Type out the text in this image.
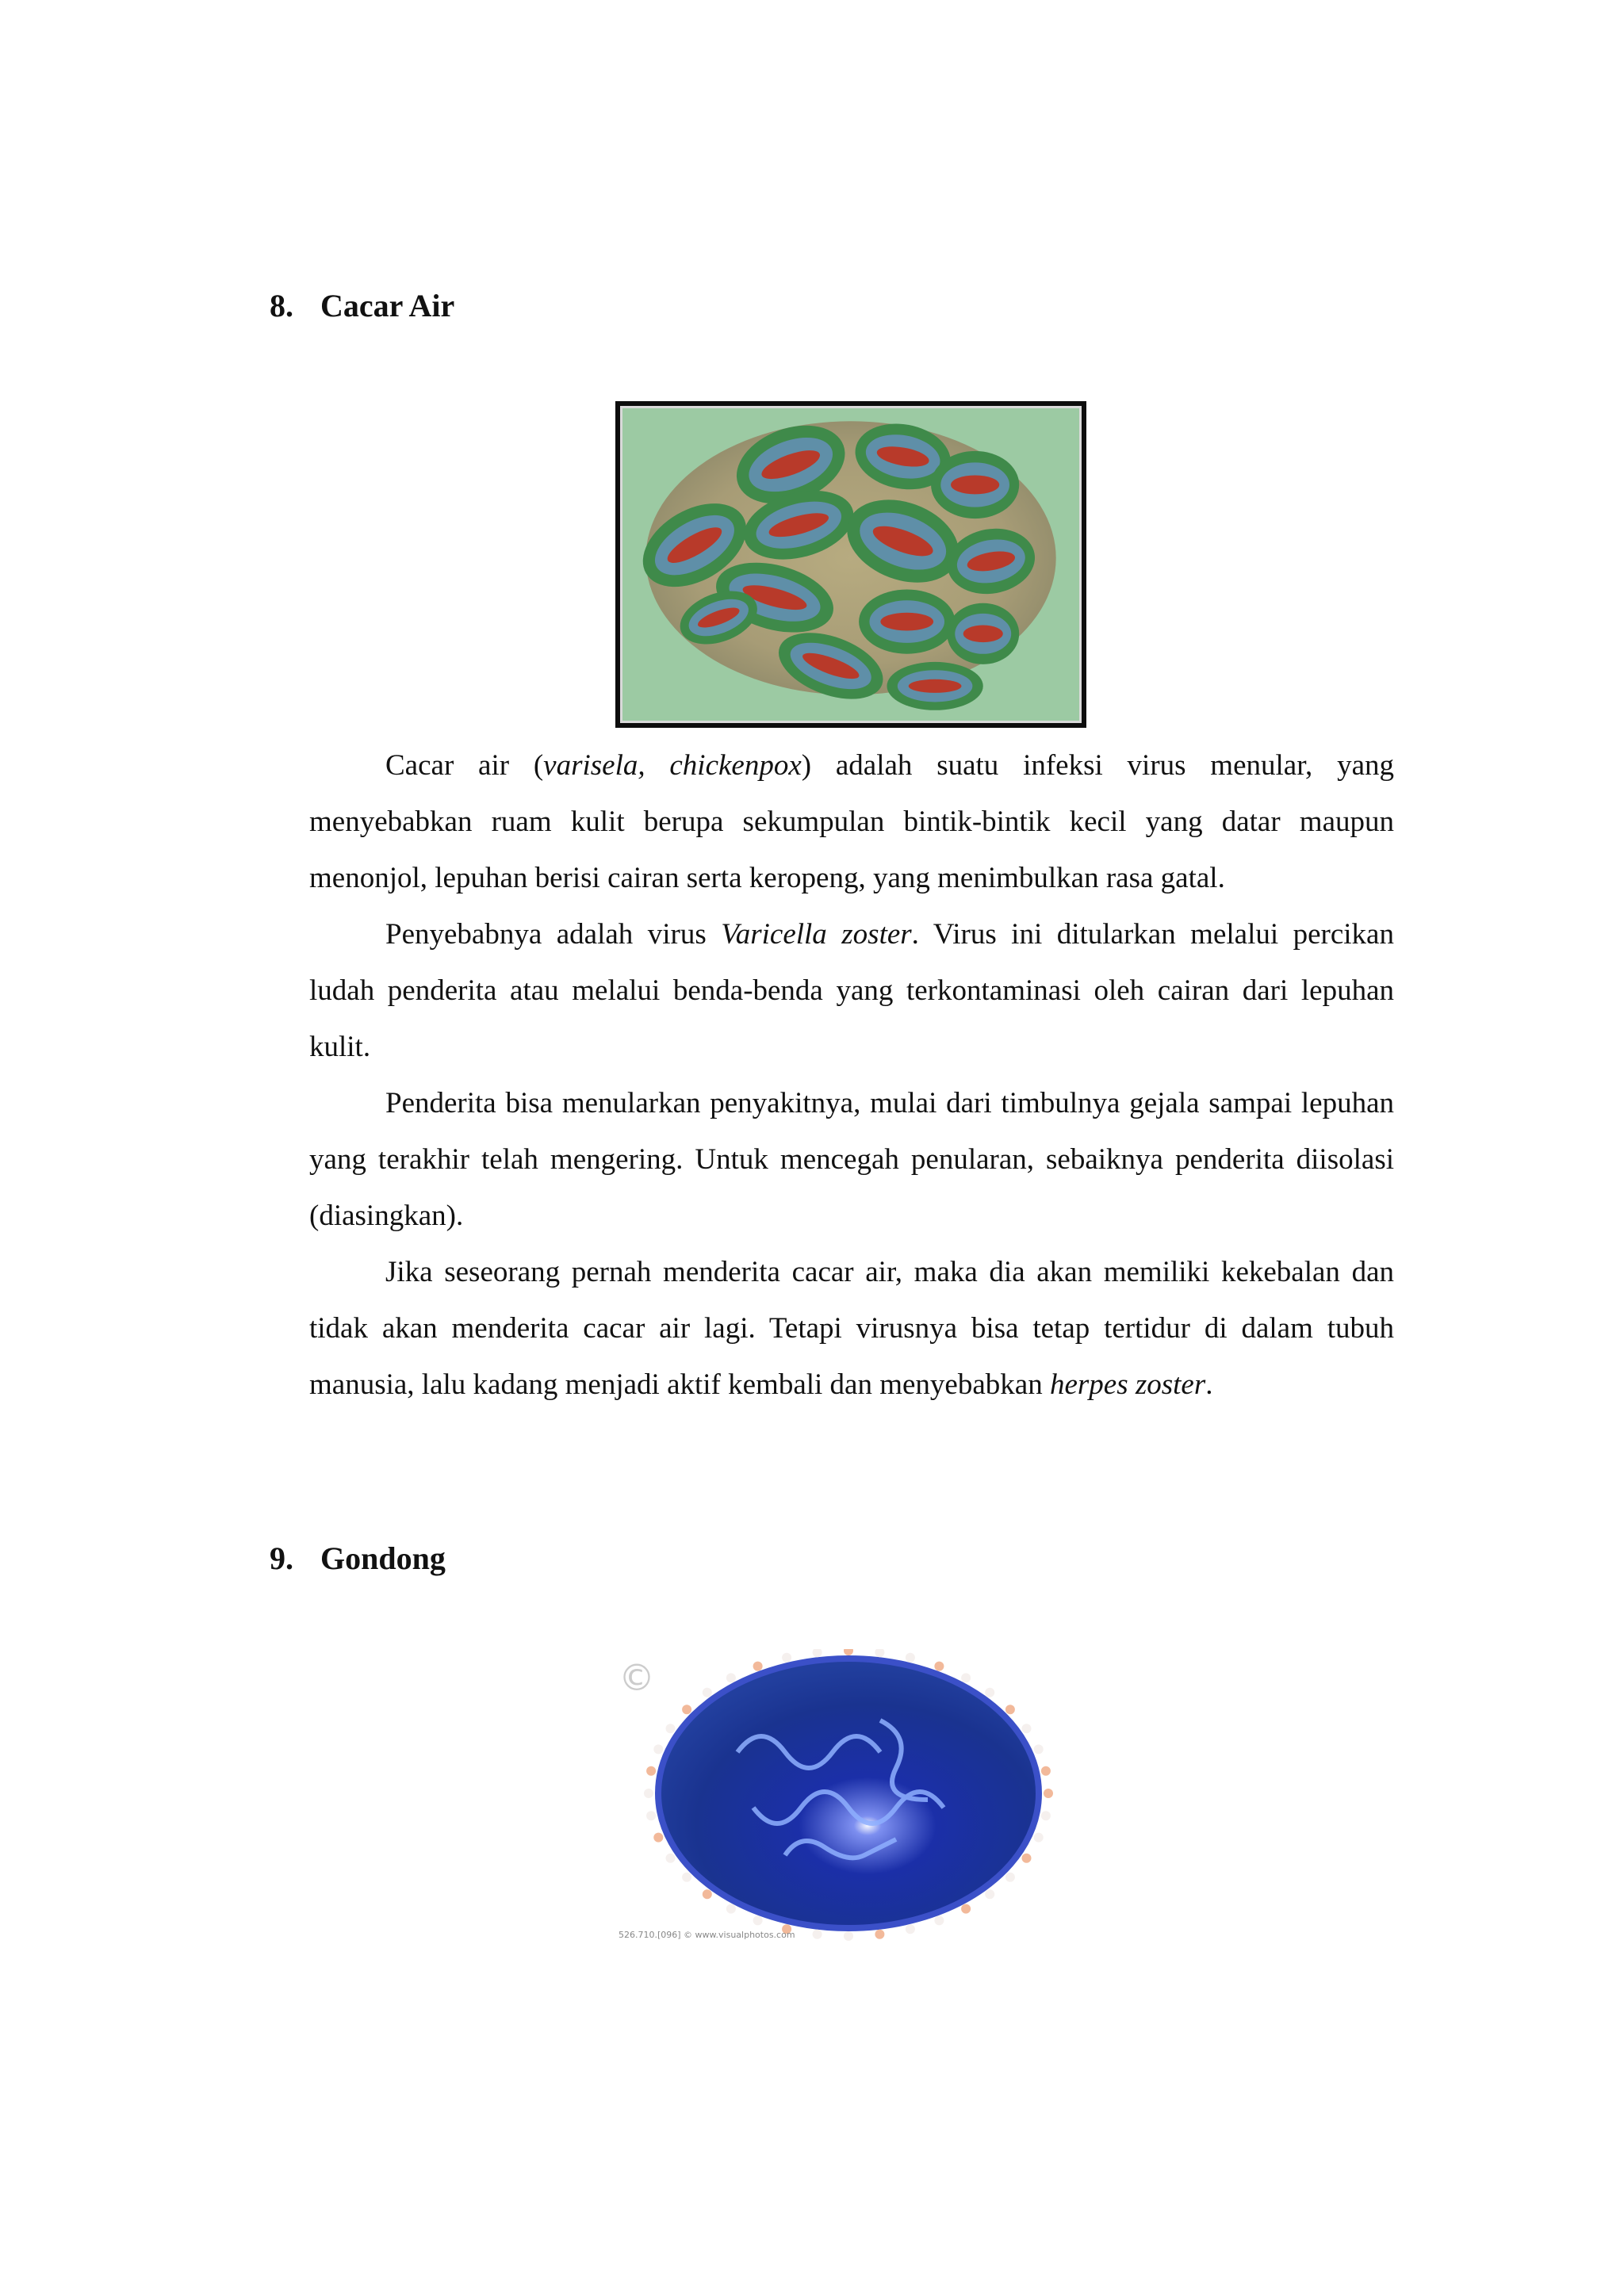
8. Cacar Air

Cacar air (varisela, chickenpox) adalah suatu infeksi virus menular, yang menyebabkan ruam kulit berupa sekumpulan bintik-bintik kecil yang datar maupun menonjol, lepuhan berisi cairan serta keropeng, yang menimbulkan rasa gatal.

Penyebabnya adalah virus Varicella zoster. Virus ini ditularkan melalui percikan ludah penderita atau melalui benda-benda yang terkontaminasi oleh cairan dari lepuhan kulit.

Penderita bisa menularkan penyakitnya, mulai dari timbulnya gejala sampai lepuhan yang terakhir telah mengering. Untuk mencegah penularan, sebaiknya penderita diisolasi (diasingkan).

Jika seseorang pernah menderita cacar air, maka dia akan memiliki kekebalan dan tidak akan menderita cacar air lagi. Tetapi virusnya bisa tetap tertidur di dalam tubuh manusia, lalu kadang menjadi aktif kembali dan menyebabkan herpes zoster.

9. Gondong
©
526.710.[096] © www.visualphotos.com
